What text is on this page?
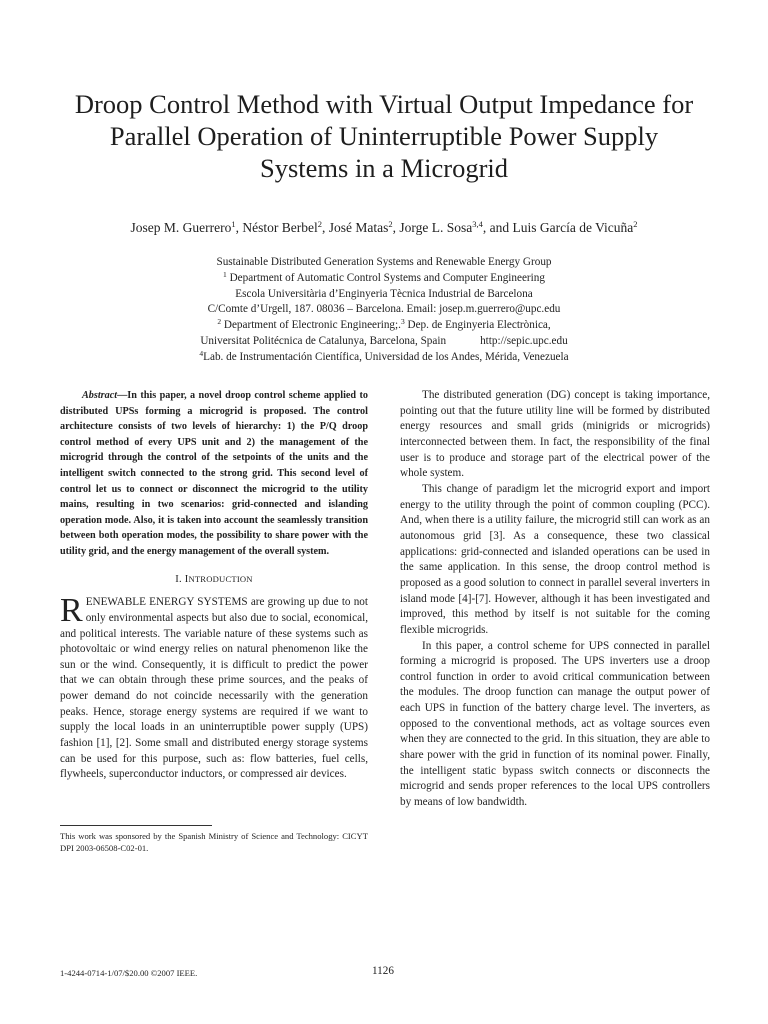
Droop Control Method with Virtual Output Impedance for
Parallel Operation of Uninterruptible Power Supply
Systems in a Microgrid
Josep M. Guerrero$^1$, Néstor Berbel$^2$, José Matas$^2$, Jorge L. Sosa$^{3,4}$, and Luis García de Vicuña$^2$
Sustainable Distributed Generation Systems and Renewable Energy Group
$^1$ Department of Automatic Control Systems and Computer Engineering
Escola Universitària d’Enginyeria Tècnica Industrial de Barcelona
C/Comte d’Urgell, 187. 08036 – Barcelona. Email: josep.m.guerrero@upc.edu
$^2$ Department of Electronic Engineering;.$^3$ Dep. de Enginyeria Electrònica,
Universitat Politécnica de Catalunya, Barcelona, Spain	http://sepic.upc.edu
$^4$Lab. de Instrumentación Científica, Universidad de los Andes, Mérida, Venezuela

Abstract—In this paper, a novel droop control scheme applied to distributed UPSs forming a microgrid is proposed. The control architecture consists of two levels of hierarchy: 1) the P/Q droop control method of every UPS unit and 2) the management of the microgrid through the control of the setpoints of the units and the intelligent switch connected to the strong grid. This second level of control let us to connect or disconnect the microgrid to the utility mains, resulting in two scenarios: grid-connected and islanding operation mode. Also, it is taken into account the seamlessly transition between both operation modes, the possibility to share power with the utility grid, and the energy management of the overall system.

I. INTRODUCTION

RENEWABLE ENERGY SYSTEMS are growing up due to not only environmental aspects but also due to social, economical, and political interests. The variable nature of these systems such as photovoltaic or wind energy relies on natural phenomenon like the sun or the wind. Consequently, it is difficult to predict the power that we can obtain through these prime sources, and the peaks of power demand do not coincide necessarily with the generation peaks. Hence, storage energy systems are required if we want to supply the local loads in an uninterruptible power supply (UPS) fashion [1], [2]. Some small and distributed energy storage systems can be used for this purpose, such as: flow batteries, fuel cells, flywheels, superconductor inductors, or compressed air devices.

The distributed generation (DG) concept is taking importance, pointing out that the future utility line will be formed by distributed energy resources and small grids (minigrids or microgrids) interconnected between them. In fact, the responsibility of the final user is to produce and storage part of the electrical power of the whole system.

This change of paradigm let the microgrid export and import energy to the utility through the point of common coupling (PCC). And, when there is a utility failure, the microgrid still can work as an autonomous grid [3]. As a consequence, these two classical applications: grid-connected and islanded operations can be used in the same application. In this sense, the droop control method is proposed as a good solution to connect in parallel several inverters in island mode [4]-[7]. However, although it has been investigated and improved, this method by itself is not suitable for the coming flexible microgrids.

In this paper, a control scheme for UPS connected in parallel forming a microgrid is proposed. The UPS inverters use a droop control function in order to avoid critical communication between the modules. The droop function can manage the output power of each UPS in function of the battery charge level. The inverters, as opposed to the conventional methods, act as voltage sources even when they are connected to the grid. In this situation, they are able to share power with the grid in function of its nominal power. Finally, the intelligent static bypass switch connects or disconnects the microgrid and sends proper references to the local UPS controllers by means of low bandwidth.

This work was sponsored by the Spanish Ministry of Science and Technology: CICYT DPI 2003-06508-C02-01.
1-4244-0714-1/07/$20.00 ©2007 IEEE.	1126
